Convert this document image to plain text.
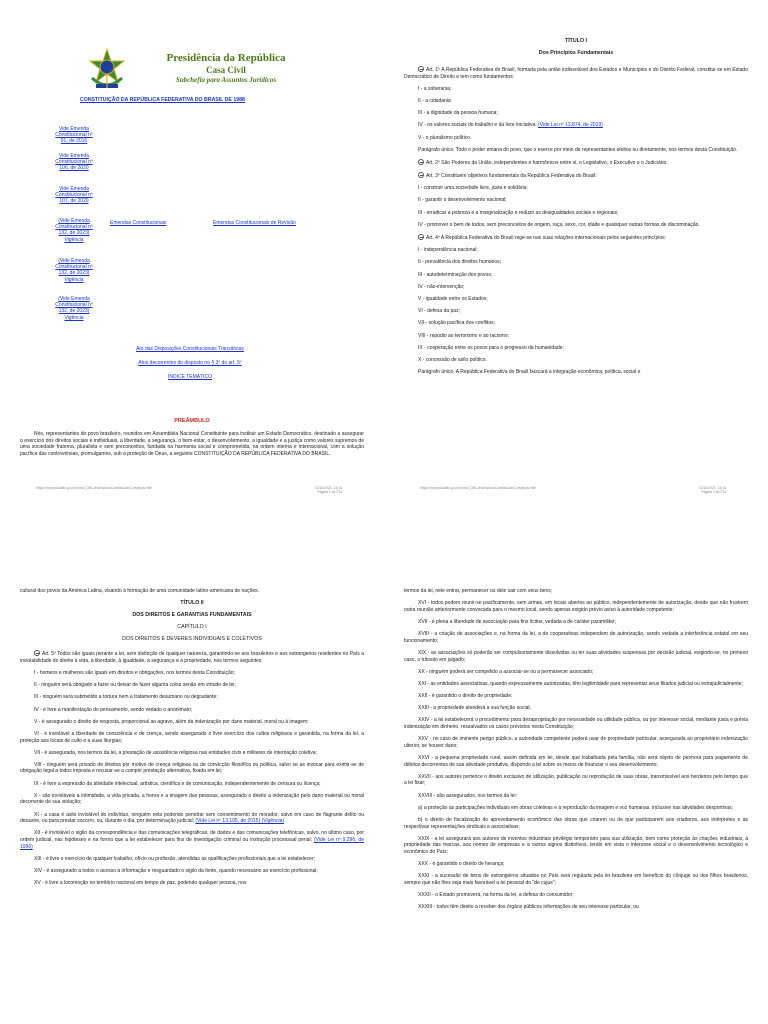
Presidência da República
Casa Civil
Subchefia para Assuntos Jurídicos
CONSTITUIÇÃO DA REPÚBLICA FEDERATIVA DO BRASIL DE 1988
Vide Emenda Constitucional nº 91, de 2016
Vide Emenda Constitucional nº 106, de 2020
Vide Emenda Constitucional nº 107, de 2020
(Vide Emenda Constitucional nº 132, de 2023) Vigência
(Vide Emenda Constitucional nº 132, de 2023) Vigência
(Vide Emenda Constitucional nº 132, de 2023) Vigência
Emendas Constitucionais	Emendas Constitucionais de Revisão
Ato das Disposições Constitucionais Transitórias
Atos decorrentes do disposto no § 3º do art. 5º
ÍNDICE TEMÁTICO
PREÂMBULO

Nós, representantes do povo brasileiro, reunidos em Assembléia Nacional Constituinte para instituir um Estado Democrático, destinado a assegurar o exercício dos direitos sociais e individuais, a liberdade, a segurança, o bem-estar, o desenvolvimento, a igualdade e a justiça como valores supremos de uma sociedade fraterna, pluralista e sem preconceitos, fundada na harmonia social e comprometida, na ordem interna e internacional, com a solução pacífica das controvérsias, promulgamos, sob a proteção de Deus, a seguinte CONSTITUIÇÃO DA REPÚBLICA FEDERATIVA DO BRASIL.

https://www.planalto.gov.br/ccivil_03/Constituicao/ConstituicaoCompilado.htm	11/10/2024, 13:43
Página 1 de 274
TÍTULO I
Dos Princípios Fundamentais

Art. 1º A República Federativa do Brasil, formada pela união indissolúvel dos Estados e Municípios e do Distrito Federal, constitui-se em Estado Democrático de Direito e tem como fundamentos:

I - a soberania;

II - a cidadania

III - a dignidade da pessoa humana;

IV - os valores sociais do trabalho e da livre iniciativa; (Vide Lei nº 13.874, de 2019)

V - o pluralismo político.

Parágrafo único. Todo o poder emana do povo, que o exerce por meio de representantes eleitos ou diretamente, nos termos desta Constituição.

Art. 2º São Poderes da União, independentes e harmônicos entre si, o Legislativo, o Executivo e o Judiciário.

Art. 3º Constituem objetivos fundamentais da República Federativa do Brasil:

I - construir uma sociedade livre, justa e solidária;

II - garantir o desenvolvimento nacional;

III - erradicar a pobreza e a marginalização e reduzir as desigualdades sociais e regionais;

IV - promover o bem de todos, sem preconceitos de origem, raça, sexo, cor, idade e quaisquer outras formas de discriminação.

Art. 4º A República Federativa do Brasil rege-se nas suas relações internacionais pelos seguintes princípios:

I - independência nacional;

II - prevalência dos direitos humanos;

III - autodeterminação dos povos;

IV - não-intervenção;

V - igualdade entre os Estados;

VI - defesa da paz;

VII - solução pacífica dos conflitos;

VIII - repúdio ao terrorismo e ao racismo;

IX - cooperação entre os povos para o progresso da humanidade;

X - concessão de asilo político.

Parágrafo único. A República Federativa do Brasil buscará a integração econômica, política, social e

https://www.planalto.gov.br/ccivil_03/Constituicao/ConstituicaoCompilado.htm	11/10/2024, 13:43
Página 2 de 274

cultural dos povos da América Latina, visando à formação de uma comunidade latino-americana de nações.

TÍTULO II
DOS DIREITOS E GARANTIAS FUNDAMENTAIS
CAPÍTULO I
DOS DIREITOS E DEVERES INDIVIDUAIS E COLETIVOS

Art. 5º Todos são iguais perante a lei, sem distinção de qualquer natureza, garantindo-se aos brasileiros e aos estrangeiros residentes no País a inviolabilidade do direito à vida, à liberdade, à igualdade, à segurança e à propriedade, nos termos seguintes:

I - homens e mulheres são iguais em direitos e obrigações, nos termos desta Constituição;

II - ninguém será obrigado a fazer ou deixar de fazer alguma coisa senão em virtude de lei;

III - ninguém será submetido a tortura nem a tratamento desumano ou degradante;

IV - é livre a manifestação do pensamento, sendo vedado o anonimato;

V - é assegurado o direito de resposta, proporcional ao agravo, além da indenização por dano material, moral ou à imagem;

VI - é inviolável a liberdade de consciência e de crença, sendo assegurado o livre exercício dos cultos religiosos e garantida, na forma da lei, a proteção aos locais de culto e a suas liturgias;

VII - é assegurada, nos termos da lei, a prestação de assistência religiosa nas entidades civis e militares de internação coletiva;

VIII - ninguém será privado de direitos por motivo de crença religiosa ou de convicção filosófica ou política, salvo se as invocar para eximir-se de obrigação legal a todos imposta e recusar-se a cumprir prestação alternativa, fixada em lei;

IX - é livre a expressão da atividade intelectual, artística, científica e de comunicação, independentemente de censura ou licença;

X - são invioláveis a intimidade, a vida privada, a honra e a imagem das pessoas, assegurado o direito a indenização pelo dano material ou moral decorrente de sua violação;

XI - a casa é asilo inviolável do indivíduo, ninguém nela podendo penetrar sem consentimento do morador, salvo em caso de flagrante delito ou desastre, ou para prestar socorro, ou, durante o dia, por determinação judicial; (Vide Lei nº 13.105, de 2015) (Vigência)

XII - é inviolável o sigilo da correspondência e das comunicações telegráficas, de dados e das comunicações telefônicas, salvo, no último caso, por ordem judicial, nas hipóteses e na forma que a lei estabelecer para fins de investigação criminal ou instrução processual penal; (Vide Lei nº 9.296, de 1996)

XIII - é livre o exercício de qualquer trabalho, ofício ou profissão, atendidas as qualificações profissionais que a lei estabelecer;

XIV - é assegurado a todos o acesso à informação e resguardado o sigilo da fonte, quando necessário ao exercício profissional;

XV - é livre a locomoção no território nacional em tempo de paz, podendo qualquer pessoa, nos

termos da lei, nele entrar, permanecer ou dele sair com seus bens;

XVI - todos podem reunir-se pacificamente, sem armas, em locais abertos ao público, independentemente de autorização, desde que não frustrem outra reunião anteriormente convocada para o mesmo local, sendo apenas exigido prévio aviso à autoridade competente;

XVII - é plena a liberdade de associação para fins lícitos, vedada a de caráter paramilitar;

XVIII - a criação de associações e, na forma da lei, a de cooperativas independem de autorização, sendo vedada a interferência estatal em seu funcionamento;

XIX - as associações só poderão ser compulsoriamente dissolvidas ou ter suas atividades suspensas por decisão judicial, exigindo-se, no primeiro caso, o trânsito em julgado;

XX - ninguém poderá ser compelido a associar-se ou a permanecer associado;

XXI - as entidades associativas, quando expressamente autorizadas, têm legitimidade para representar seus filiados judicial ou extrajudicialmente;

XXII - é garantido o direito de propriedade;

XXIII - a propriedade atenderá a sua função social;

XXIV - a lei estabelecerá o procedimento para desapropriação por necessidade ou utilidade pública, ou por interesse social, mediante justa e prévia indenização em dinheiro, ressalvados os casos previstos nesta Constituição;

XXV - no caso de iminente perigo público, a autoridade competente poderá usar de propriedade particular, assegurada ao proprietário indenização ulterior, se houver dano;

XXVI - a pequena propriedade rural, assim definida em lei, desde que trabalhada pela família, não será objeto de penhora para pagamento de débitos decorrentes de sua atividade produtiva, dispondo a lei sobre os meios de financiar o seu desenvolvimento;

XXVII - aos autores pertence o direito exclusivo de utilização, publicação ou reprodução de suas obras, transmissível aos herdeiros pelo tempo que a lei fixar;

XXVIII - são assegurados, nos termos da lei:

a) a proteção às participações individuais em obras coletivas e à reprodução da imagem e voz humanas, inclusive nas atividades desportivas;

b) o direito de fiscalização do aproveitamento econômico das obras que criarem ou de que participarem aos criadores, aos intérpretes e às respectivas representações sindicais e associativas;

XXIX - a lei assegurará aos autores de inventos industriais privilégio temporário para sua utilização, bem como proteção às criações industriais, à propriedade das marcas, aos nomes de empresas e a outros signos distintivos, tendo em vista o interesse social e o desenvolvimento tecnológico e econômico do País;

XXX - é garantido o direito de herança;

XXXI - a sucessão de bens de estrangeiros situados no País será regulada pela lei brasileira em benefício do cônjuge ou dos filhos brasileiros, sempre que não lhes seja mais favorável a lei pessoal do "de cujus";

XXXII - o Estado promoverá, na forma da lei, a defesa do consumidor;

XXXIII - todos têm direito a receber dos órgãos públicos informações de seu interesse particular, ou
